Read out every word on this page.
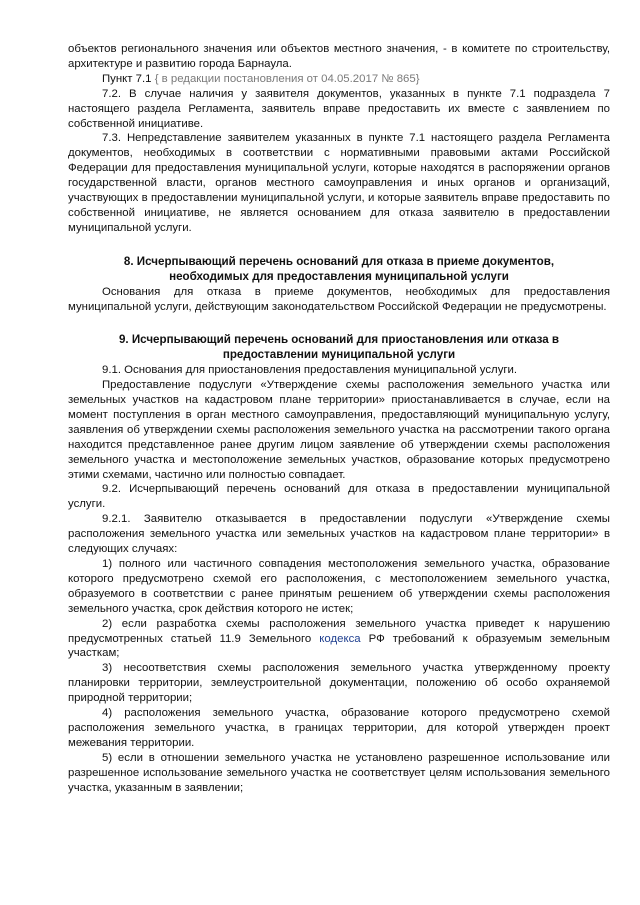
объектов регионального значения или объектов местного значения, - в комитете по строительству, архитектуре и развитию города Барнаула.

Пункт 7.1 { в редакции постановления от 04.05.2017 № 865}

7.2. В случае наличия у заявителя документов, указанных в пункте 7.1 подраздела 7 настоящего раздела Регламента, заявитель вправе предоставить их вместе с заявлением по собственной инициативе.

7.3. Непредставление заявителем указанных в пункте 7.1 настоящего раздела Регламента документов, необходимых в соответствии с нормативными правовыми актами Российской Федерации для предоставления муниципальной услуги, которые находятся в распоряжении органов государственной власти, органов местного самоуправления и иных органов и организаций, участвующих в предоставлении муниципальной услуги, и которые заявитель вправе предоставить по собственной инициативе, не является основанием для отказа заявителю в предоставлении муниципальной услуги.

8. Исчерпывающий перечень оснований для отказа в приеме документов,
необходимых для предоставления муниципальной услуги

Основания для отказа в приеме документов, необходимых для предоставления муниципальной услуги, действующим законодательством Российской Федерации не предусмотрены.

9. Исчерпывающий перечень оснований для приостановления или отказа в
предоставлении муниципальной услуги

9.1. Основания для приостановления предоставления муниципальной услуги.

Предоставление подуслуги «Утверждение схемы расположения земельного участка или земельных участков на кадастровом плане территории» приостанавливается в случае, если на момент поступления в орган местного самоуправления, предоставляющий муниципальную услугу, заявления об утверждении схемы расположения земельного участка на рассмотрении такого органа находится представленное ранее другим лицом заявление об утверждении схемы расположения земельного участка и местоположение земельных участков, образование которых предусмотрено этими схемами, частично или полностью совпадает.

9.2. Исчерпывающий перечень оснований для отказа в предоставлении муниципальной услуги.

9.2.1. Заявителю отказывается в предоставлении подуслуги «Утверждение схемы расположения земельного участка или земельных участков на кадастровом плане территории» в следующих случаях:

1) полного или частичного совпадения местоположения земельного участка, образование которого предусмотрено схемой его расположения, с местоположением земельного участка, образуемого в соответствии с ранее принятым решением об утверждении схемы расположения земельного участка, срок действия которого не истек;

2) если разработка схемы расположения земельного участка приведет к нарушению предусмотренных статьей 11.9 Земельного кодекса РФ требований к образуемым земельным участкам;

3) несоответствия схемы расположения земельного участка утвержденному проекту планировки территории, землеустроительной документации, положению об особо охраняемой природной территории;

4) расположения земельного участка, образование которого предусмотрено схемой расположения земельного участка, в границах территории, для которой утвержден проект межевания территории.

5) если в отношении земельного участка не установлено разрешенное использование или разрешенное использование земельного участка не соответствует целям использования земельного участка, указанным в заявлении;
